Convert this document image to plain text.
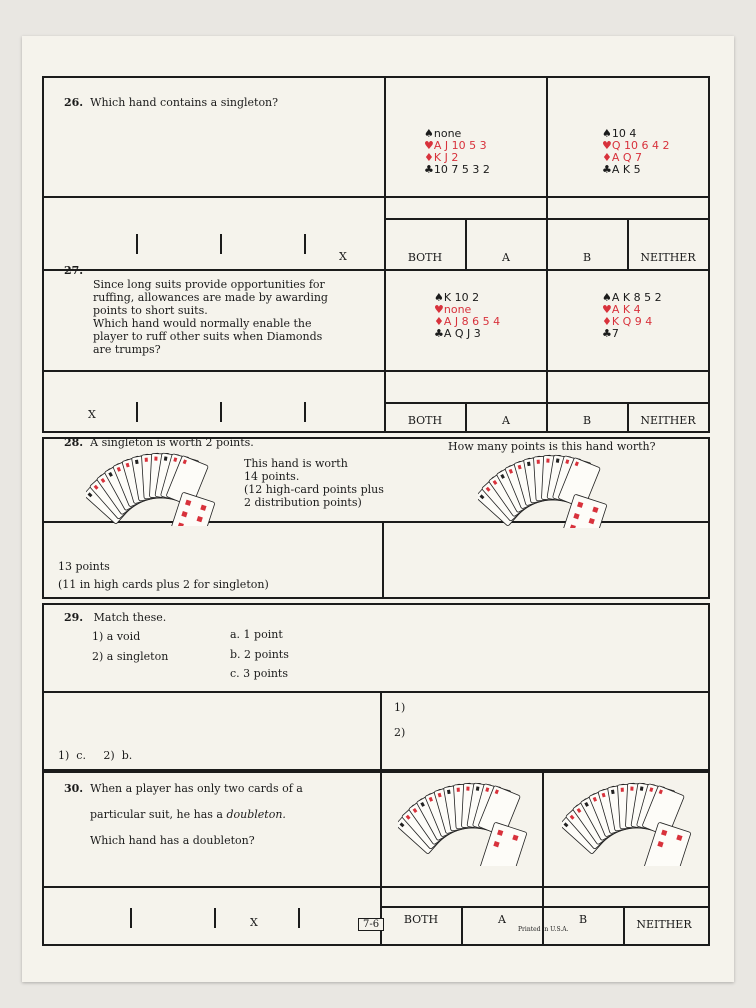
26. Which hand contains a singleton?
♠none
♥A J 10 5 3
♦K J 2
♣10 7 5 3 2
♠10 4
♥Q 10 6 4 2
♦A Q 7
♣A K 5
X	BOTH	A	B	NEITHER
27.
Since long suits provide opportunities for
ruffing, allowances are made by awarding
points to short suits.
Which hand would normally enable the
player to ruff other suits when Diamonds
are trumps?
♠K 10 2
♥none
♦A J 8 6 5 4
♣A Q J 3
♠A K 8 5 2
♥A K 4
♦K Q 9 4
♣7
X	BOTH	A	B	NEITHER
28. A singleton is worth 2 points.
This hand is worth
14 points.
(12 high-card points plus
2 distribution points)
How many points is this hand worth?
13 points
(11 in high cards plus 2 for singleton)
29. Match these.
1) a void
2) a singleton
a. 1 point
b. 2 points
c. 3 points
1)
2)
1)  c.     2)  b.
30. When a player has only two cards of a
particular suit, he has a doubleton.
Which hand has a doubleton?
X	7-6	BOTH	A	B	NEITHER
Printed in U.S.A.
